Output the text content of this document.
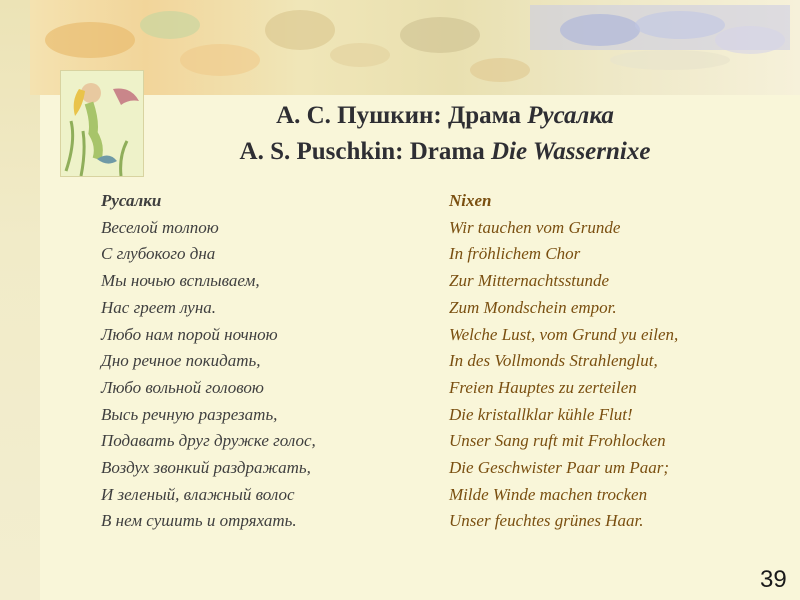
А. С. Пушкин: Драма Русалка
A. S. Puschkin: Drama Die Wassernixe
Русалки
Веселой толпою
С глубокого дна
Мы ночью всплываем,
Нас греет луна.
Любо нам порой ночною
Дно речное покидать,
Любо вольной головою
Высь речную разрезать,
Подавать друг дружке голос,
Воздух звонкий раздражать,
И зеленый, влажный волос
В нем сушить и отряхать.
Nixen
Wir tauchen vom Grunde
In fröhlichem Chor
Zur Mitternachtsstunde
Zum Mondschein empor.
Welche Lust, vom Grund yu eilen,
In des Vollmonds Strahlenglut,
Freien Hauptes zu zerteilen
Die kristallklar kühle Flut!
Unser Sang ruft mit Frohlocken
Die Geschwister Paar um Paar;
Milde Winde machen trocken
Unser feuchtes grünes Haar.
39
